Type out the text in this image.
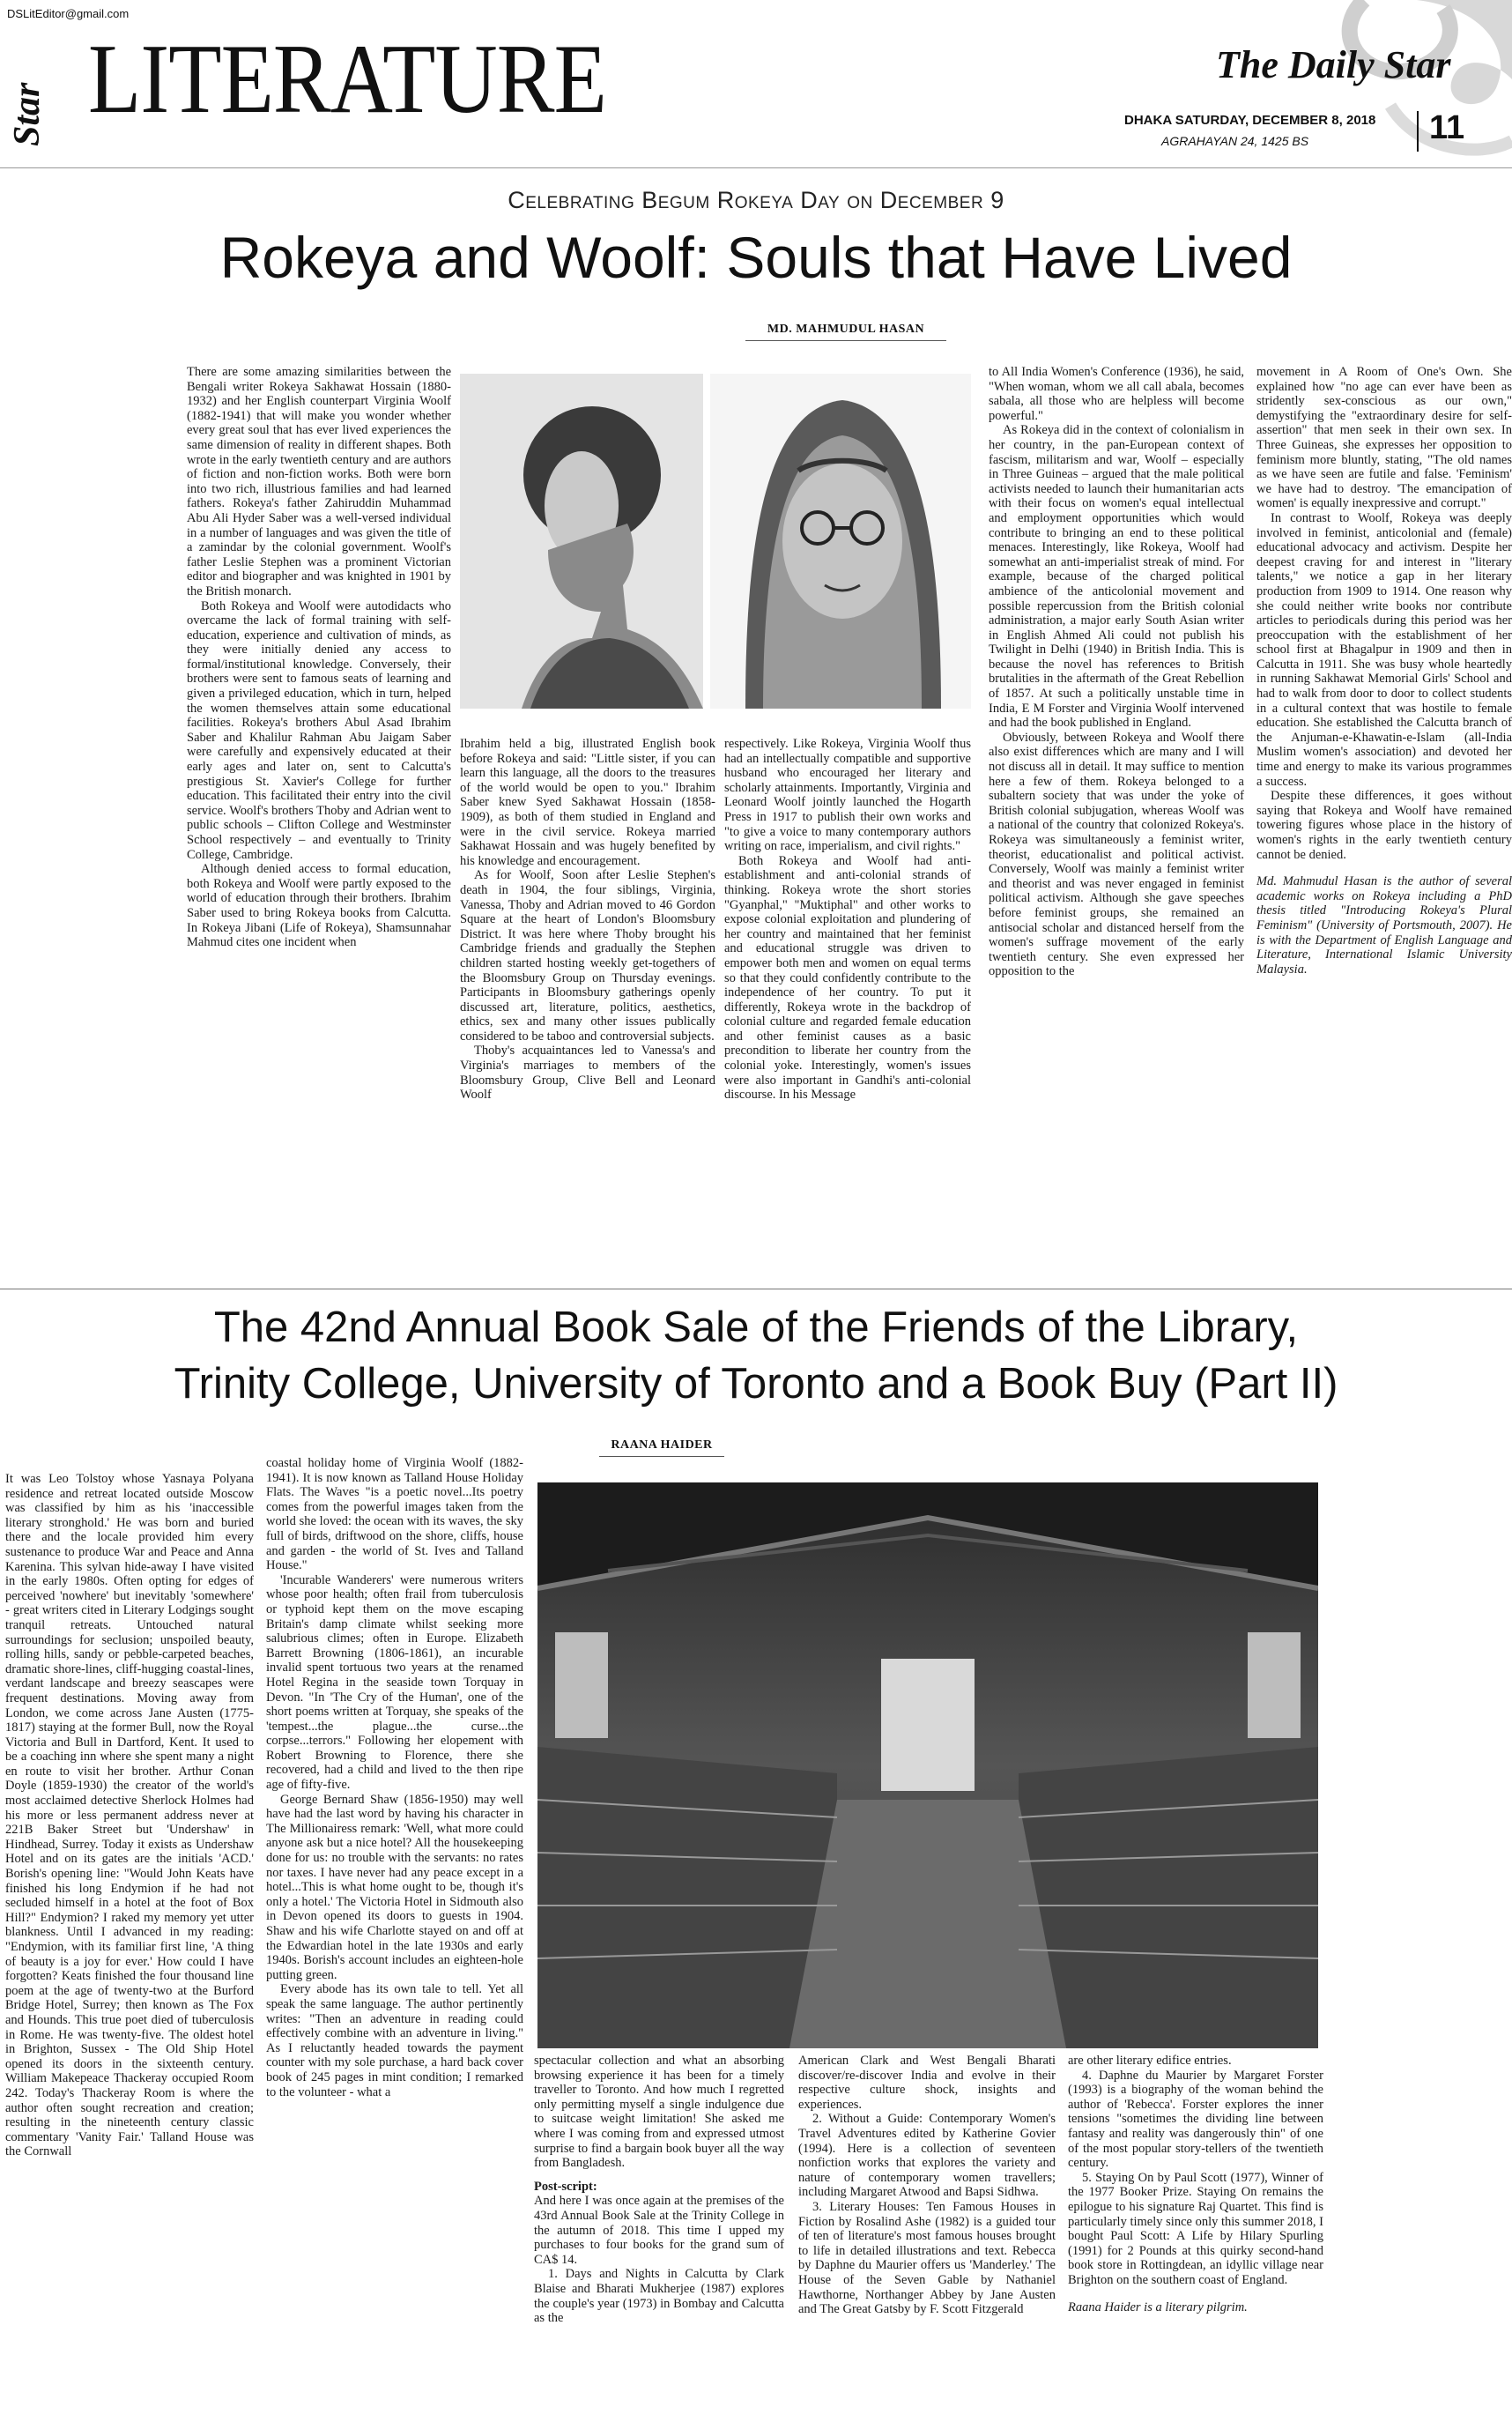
DSLitEditor@gmail.com
Star LITERATURE	The Daily Star
DHAKA SATURDAY, DECEMBER 8, 2018
AGRAHAYAN 24, 1425 BS	11
Celebrating Begum Rokeya Day on December 9
Rokeya and Woolf: Souls that Have Lived
MD. MAHMUDUL HASAN

There are some amazing similarities between the Bengali writer Rokeya Sakhawat Hossain (1880-1932) and her English counterpart Virginia Woolf (1882-1941) that will make you wonder whether every great soul that has ever lived experiences the same dimension of reality in different shapes. Both wrote in the early twentieth century and are authors of fiction and non-fiction works. Both were born into two rich, illustrious families and had learned fathers. Rokeya's father Zahiruddin Muhammad Abu Ali Hyder Saber was a well-versed individual in a number of languages and was given the title of a zamindar by the colonial government. Woolf's father Leslie Stephen was a prominent Victorian editor and biographer and was knighted in 1901 by the British monarch.

Both Rokeya and Woolf were autodidacts who overcame the lack of formal training with self-education, experience and cultivation of minds, as they were initially denied any access to formal/institutional knowledge. Conversely, their brothers were sent to famous seats of learning and given a privileged education, which in turn, helped the women themselves attain some educational facilities. Rokeya's brothers Abul Asad Ibrahim Saber and Khalilur Rahman Abu Jaigam Saber were carefully and expensively educated at their early ages and later on, sent to Calcutta's prestigious St. Xavier's College for further education. This facilitated their entry into the civil service. Woolf's brothers Thoby and Adrian went to public schools – Clifton College and Westminster School respectively – and eventually to Trinity College, Cambridge.

Although denied access to formal education, both Rokeya and Woolf were partly exposed to the world of education through their brothers. Ibrahim Saber used to bring Rokeya books from Calcutta. In Rokeya Jibani (Life of Rokeya), Shamsunnahar Mahmud cites one incident when

Ibrahim held a big, illustrated English book before Rokeya and said: "Little sister, if you can learn this language, all the doors to the treasures of the world would be open to you." Ibrahim Saber knew Syed Sakhawat Hossain (1858-1909), as both of them studied in England and were in the civil service. Rokeya married Sakhawat Hossain and was hugely benefited by his knowledge and encouragement.

As for Woolf, Soon after Leslie Stephen's death in 1904, the four siblings, Virginia, Vanessa, Thoby and Adrian moved to 46 Gordon Square at the heart of London's Bloomsbury District. It was here where Thoby brought his Cambridge friends and gradually the Stephen children started hosting weekly get-togethers of the Bloomsbury Group on Thursday evenings. Participants in Bloomsbury gatherings openly discussed art, literature, politics, aesthetics, ethics, sex and many other issues publically considered to be taboo and controversial subjects.

Thoby's acquaintances led to Vanessa's and Virginia's marriages to members of the Bloomsbury Group, Clive Bell and Leonard Woolf

respectively. Like Rokeya, Virginia Woolf thus had an intellectually compatible and supportive husband who encouraged her literary and scholarly attainments. Importantly, Virginia and Leonard Woolf jointly launched the Hogarth Press in 1917 to publish their own works and "to give a voice to many contemporary authors writing on race, imperialism, and civil rights."

Both Rokeya and Woolf had anti-establishment and anti-colonial strands of thinking. Rokeya wrote the short stories "Gyanphal," "Muktiphal" and other works to expose colonial exploitation and plundering of her country and maintained that her feminist and educational struggle was driven to empower both men and women on equal terms so that they could confidently contribute to the independence of her country. To put it differently, Rokeya wrote in the backdrop of colonial culture and regarded female education and other feminist causes as a basic precondition to liberate her country from the colonial yoke. Interestingly, women's issues were also important in Gandhi's anti-colonial discourse. In his Message

to All India Women's Conference (1936), he said, "When woman, whom we all call abala, becomes sabala, all those who are helpless will become powerful."

As Rokeya did in the context of colonialism in her country, in the pan-European context of fascism, militarism and war, Woolf – especially in Three Guineas – argued that the male political activists needed to launch their humanitarian acts with their focus on women's equal intellectual and employment opportunities which would contribute to bringing an end to these political menaces. Interestingly, like Rokeya, Woolf had somewhat an anti-imperialist streak of mind. For example, because of the charged political ambience of the anticolonial movement and possible repercussion from the British colonial administration, a major early South Asian writer in English Ahmed Ali could not publish his Twilight in Delhi (1940) in British India. This is because the novel has references to British brutalities in the aftermath of the Great Rebellion of 1857. At such a politically unstable time in India, E M Forster and Virginia Woolf intervened and had the book published in England.

Obviously, between Rokeya and Woolf there also exist differences which are many and I will not discuss all in detail. It may suffice to mention here a few of them. Rokeya belonged to a subaltern society that was under the yoke of British colonial subjugation, whereas Woolf was a national of the country that colonized Rokeya's. Rokeya was simultaneously a feminist writer, theorist, educationalist and political activist. Conversely, Woolf was mainly a feminist writer and theorist and was never engaged in feminist political activism. Although she gave speeches before feminist groups, she remained an antisocial scholar and distanced herself from the women's suffrage movement of the early twentieth century. She even expressed her opposition to the

movement in A Room of One's Own. She explained how "no age can ever have been as stridently sex-conscious as our own," demystifying the "extraordinary desire for self-assertion" that men seek in their own sex. In Three Guineas, she expresses her opposition to feminism more bluntly, stating, "The old names as we have seen are futile and false. 'Feminism' we have had to destroy. 'The emancipation of women' is equally inexpressive and corrupt."

In contrast to Woolf, Rokeya was deeply involved in feminist, anticolonial and (female) educational advocacy and activism. Despite her deepest craving for and interest in "literary talents," we notice a gap in her literary production from 1909 to 1914. One reason why she could neither write books nor contribute articles to periodicals during this period was her preoccupation with the establishment of her school first at Bhagalpur in 1909 and then in Calcutta in 1911. She was busy whole heartedly in running Sakhawat Memorial Girls' School and had to walk from door to door to collect students in a cultural context that was hostile to female education. She established the Calcutta branch of the Anjuman-e-Khawatin-e-Islam (all-India Muslim women's association) and devoted her time and energy to make its various programmes a success.

Despite these differences, it goes without saying that Rokeya and Woolf have remained towering figures whose place in the history of women's rights in the early twentieth century cannot be denied.

Md. Mahmudul Hasan is the author of several academic works on Rokeya including a PhD thesis titled "Introducing Rokeya's Plural Feminism" (University of Portsmouth, 2007). He is with the Department of English Language and Literature, International Islamic University Malaysia.

The 42nd Annual Book Sale of the Friends of the Library,
Trinity College, University of Toronto and a Book Buy (Part II)
RAANA HAIDER

It was Leo Tolstoy whose Yasnaya Polyana residence and retreat located outside Moscow was classified by him as his 'inaccessible literary stronghold.' He was born and buried there and the locale provided him every sustenance to produce War and Peace and Anna Karenina. This sylvan hide-away I have visited in the early 1980s. Often opting for edges of perceived 'nowhere' but inevitably 'somewhere' - great writers cited in Literary Lodgings sought tranquil retreats. Untouched natural surroundings for seclusion; unspoiled beauty, rolling hills, sandy or pebble-carpeted beaches, dramatic shore-lines, cliff-hugging coastal-lines, verdant landscape and breezy seascapes were frequent destinations. Moving away from London, we come across Jane Austen (1775-1817) staying at the former Bull, now the Royal Victoria and Bull in Dartford, Kent. It used to be a coaching inn where she spent many a night en route to visit her brother. Arthur Conan Doyle (1859-1930) the creator of the world's most acclaimed detective Sherlock Holmes had his more or less permanent address never at 221B Baker Street but 'Undershaw' in Hindhead, Surrey. Today it exists as Undershaw Hotel and on its gates are the initials 'ACD.' Borish's opening line: "Would John Keats have finished his long Endymion if he had not secluded himself in a hotel at the foot of Box Hill?" Endymion? I raked my memory yet utter blankness. Until I advanced in my reading: "Endymion, with its familiar first line, 'A thing of beauty is a joy for ever.' How could I have forgotten? Keats finished the four thousand line poem at the age of twenty-two at the Burford Bridge Hotel, Surrey; then known as The Fox and Hounds. This true poet died of tuberculosis in Rome. He was twenty-five. The oldest hotel in Brighton, Sussex - The Old Ship Hotel opened its doors in the sixteenth century. William Makepeace Thackeray occupied Room 242. Today's Thackeray Room is where the author often sought recreation and creation; resulting in the nineteenth century classic commentary 'Vanity Fair.' Talland House was the Cornwall

coastal holiday home of Virginia Woolf (1882-1941). It is now known as Talland House Holiday Flats. The Waves "is a poetic novel...Its poetry comes from the powerful images taken from the world she loved: the ocean with its waves, the sky full of birds, driftwood on the shore, cliffs, house and garden - the world of St. Ives and Talland House."

'Incurable Wanderers' were numerous writers whose poor health; often frail from tuberculosis or typhoid kept them on the move escaping Britain's damp climate whilst seeking more salubrious climes; often in Europe. Elizabeth Barrett Browning (1806-1861), an incurable invalid spent tortuous two years at the renamed Hotel Regina in the seaside town Torquay in Devon. "In 'The Cry of the Human', one of the short poems written at Torquay, she speaks of the 'tempest...the plague...the curse...the corpse...terrors." Following her elopement with Robert Browning to Florence, there she recovered, had a child and lived to the then ripe age of fifty-five.

George Bernard Shaw (1856-1950) may well have had the last word by having his character in The Millionairess remark: 'Well, what more could anyone ask but a nice hotel? All the housekeeping done for us: no trouble with the servants: no rates nor taxes. I have never had any peace except in a hotel...This is what home ought to be, though it's only a hotel.' The Victoria Hotel in Sidmouth also in Devon opened its doors to guests in 1904. Shaw and his wife Charlotte stayed on and off at the Edwardian hotel in the late 1930s and early 1940s. Borish's account includes an eighteen-hole putting green.

Every abode has its own tale to tell. Yet all speak the same language. The author pertinently writes: "Then an adventure in reading could effectively combine with an adventure in living." As I reluctantly headed towards the payment counter with my sole purchase, a hard back cover book of 245 pages in mint condition; I remarked to the volunteer - what a

spectacular collection and what an absorbing browsing experience it has been for a timely traveller to Toronto. And how much I regretted only permitting myself a single indulgence due to suitcase weight limitation! She asked me where I was coming from and expressed utmost surprise to find a bargain book buyer all the way from Bangladesh.

Post-script:

And here I was once again at the premises of the 43rd Annual Book Sale at the Trinity College in the autumn of 2018. This time I upped my purchases to four books for the grand sum of CA$ 14.

1. Days and Nights in Calcutta by Clark Blaise and Bharati Mukherjee (1987) explores the couple's year (1973) in Bombay and Calcutta as the

American Clark and West Bengali Bharati discover/re-discover India and evolve in their respective culture shock, insights and experiences.

2. Without a Guide: Contemporary Women's Travel Adventures edited by Katherine Govier (1994). Here is a collection of seventeen nonfiction works that explores the variety and nature of contemporary women travellers; including Margaret Atwood and Bapsi Sidhwa.

3. Literary Houses: Ten Famous Houses in Fiction by Rosalind Ashe (1982) is a guided tour of ten of literature's most famous houses brought to life in detailed illustrations and text. Rebecca by Daphne du Maurier offers us 'Manderley.' The House of the Seven Gable by Nathaniel Hawthorne, Northanger Abbey by Jane Austen and The Great Gatsby by F. Scott Fitzgerald

are other literary edifice entries.

4. Daphne du Maurier by Margaret Forster (1993) is a biography of the woman behind the author of 'Rebecca'. Forster explores the inner tensions "sometimes the dividing line between fantasy and reality was dangerously thin" of one of the most popular story-tellers of the twentieth century.

5. Staying On by Paul Scott (1977), Winner of the 1977 Booker Prize. Staying On remains the epilogue to his signature Raj Quartet. This find is particularly timely since only this summer 2018, I bought Paul Scott: A Life by Hilary Spurling (1991) for 2 Pounds at this quirky second-hand book store in Rottingdean, an idyllic village near Brighton on the southern coast of England.

Raana Haider is a literary pilgrim.
